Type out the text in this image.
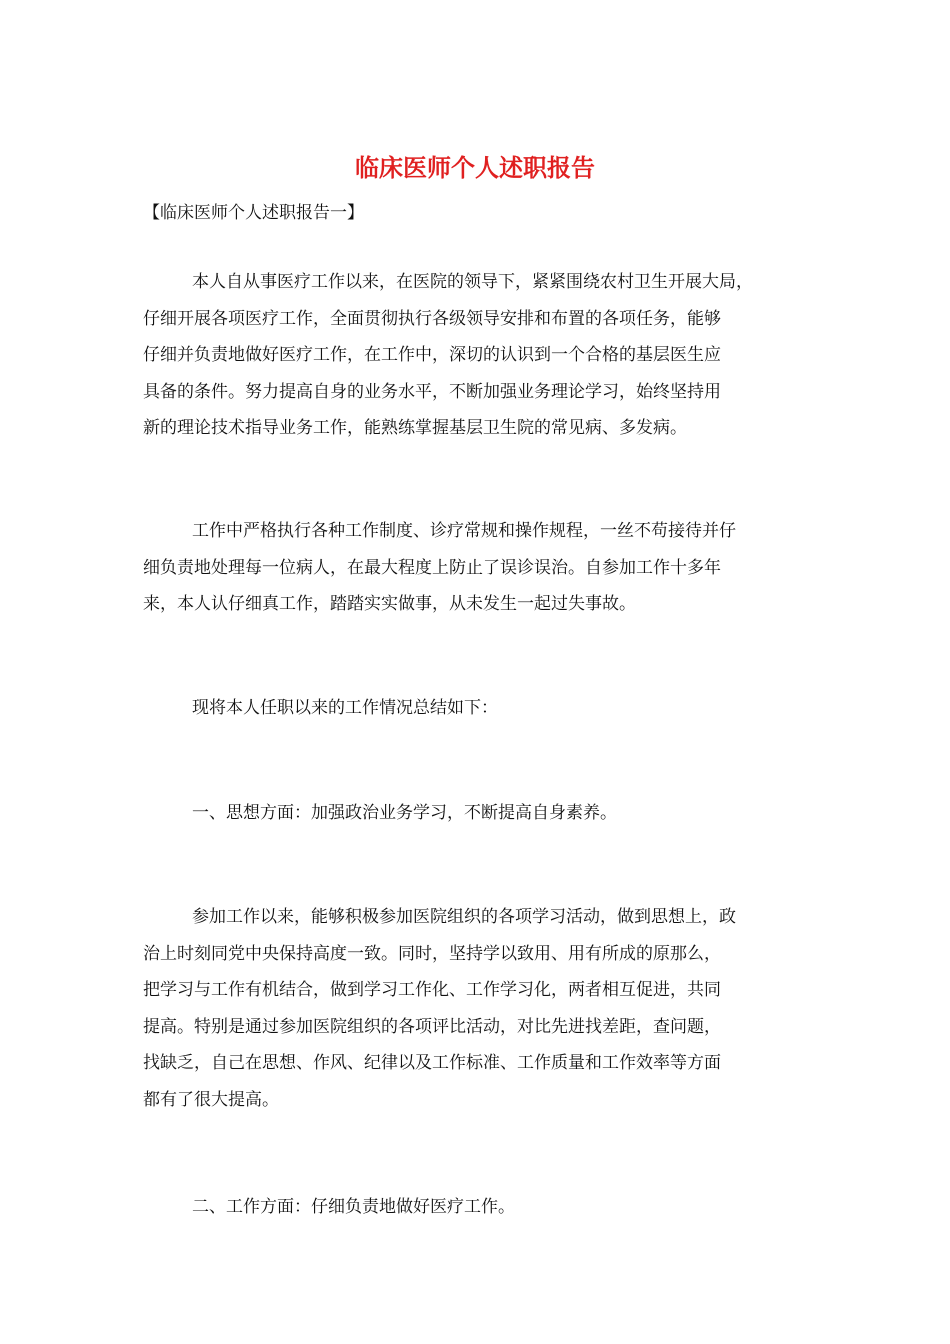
临床医师个人述职报告

【临床医师个人述职报告一】

本人自从事医疗工作以来，在医院的领导下，紧紧围绕农村卫生开展大局，
仔细开展各项医疗工作，全面贯彻执行各级领导安排和布置的各项任务，能够
仔细并负责地做好医疗工作，在工作中，深切的认识到一个合格的基层医生应
具备的条件。努力提高自身的业务水平，不断加强业务理论学习，始终坚持用
新的理论技术指导业务工作，能熟练掌握基层卫生院的常见病、多发病。

工作中严格执行各种工作制度、诊疗常规和操作规程，一丝不苟接待并仔
细负责地处理每一位病人，在最大程度上防止了误诊误治。自参加工作十多年
来，本人认仔细真工作，踏踏实实做事，从未发生一起过失事故。

现将本人任职以来的工作情况总结如下：

一、思想方面：加强政治业务学习，不断提高自身素养。

参加工作以来，能够积极参加医院组织的各项学习活动，做到思想上，政
治上时刻同党中央保持高度一致。同时，坚持学以致用、用有所成的原那么，
把学习与工作有机结合，做到学习工作化、工作学习化，两者相互促进，共同
提高。特别是通过参加医院组织的各项评比活动，对比先进找差距，查问题，
找缺乏，自己在思想、作风、纪律以及工作标准、工作质量和工作效率等方面
都有了很大提高。

二、工作方面：仔细负责地做好医疗工作。
